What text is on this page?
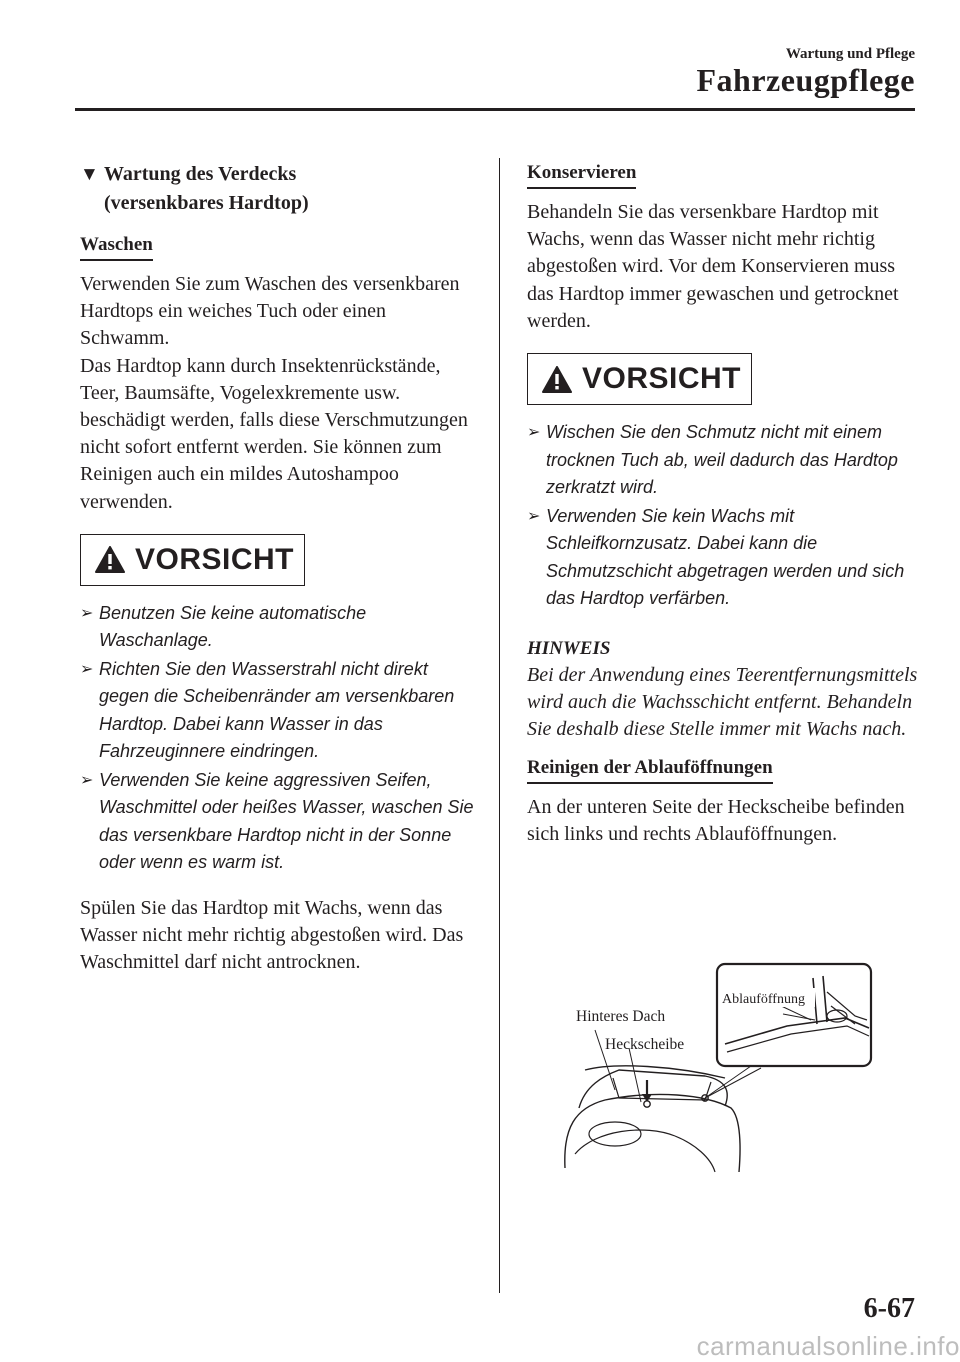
Wartung und Pflege
Fahrzeugpflege
▼ Wartung des Verdecks
(versenkbares Hardtop)
Waschen

Verwenden Sie zum Waschen des versenkbaren Hardtops ein weiches Tuch oder einen Schwamm.

Das Hardtop kann durch Insektenrückstände, Teer, Baumsäfte, Vogelexkremente usw. beschädigt werden, falls diese Verschmutzungen nicht sofort entfernt werden. Sie können zum Reinigen auch ein mildes Autoshampoo verwenden.

VORSICHT
➢ Benutzen Sie keine automatische Waschanlage.
➢ Richten Sie den Wasserstrahl nicht direkt gegen die Scheibenränder am versenkbaren Hardtop. Dabei kann Wasser in das Fahrzeuginnere eindringen.
➢ Verwenden Sie keine aggressiven Seifen, Waschmittel oder heißes Wasser, waschen Sie das versenkbare Hardtop nicht in der Sonne oder wenn es warm ist.

Spülen Sie das Hardtop mit Wachs, wenn das Wasser nicht mehr richtig abgestoßen wird. Das Waschmittel darf nicht antrocknen.

Konservieren

Behandeln Sie das versenkbare Hardtop mit Wachs, wenn das Wasser nicht mehr richtig abgestoßen wird. Vor dem Konservieren muss das Hardtop immer gewaschen und getrocknet werden.

VORSICHT
➢ Wischen Sie den Schmutz nicht mit einem trocknen Tuch ab, weil dadurch das Hardtop zerkratzt wird.
➢ Verwenden Sie kein Wachs mit Schleifkornzusatz. Dabei kann die Schmutzschicht abgetragen werden und sich das Hardtop verfärben.
HINWEIS

Bei der Anwendung eines Teerentfernungsmittels wird auch die Wachsschicht entfernt. Behandeln Sie deshalb diese Stelle immer mit Wachs nach.

Reinigen der Ablauföffnungen

An der unteren Seite der Heckscheibe befinden sich links und rechts Ablauföffnungen.

Hinteres Dach
Heckscheibe
Ablauföffnung
6-67
carmanualsonline.info
